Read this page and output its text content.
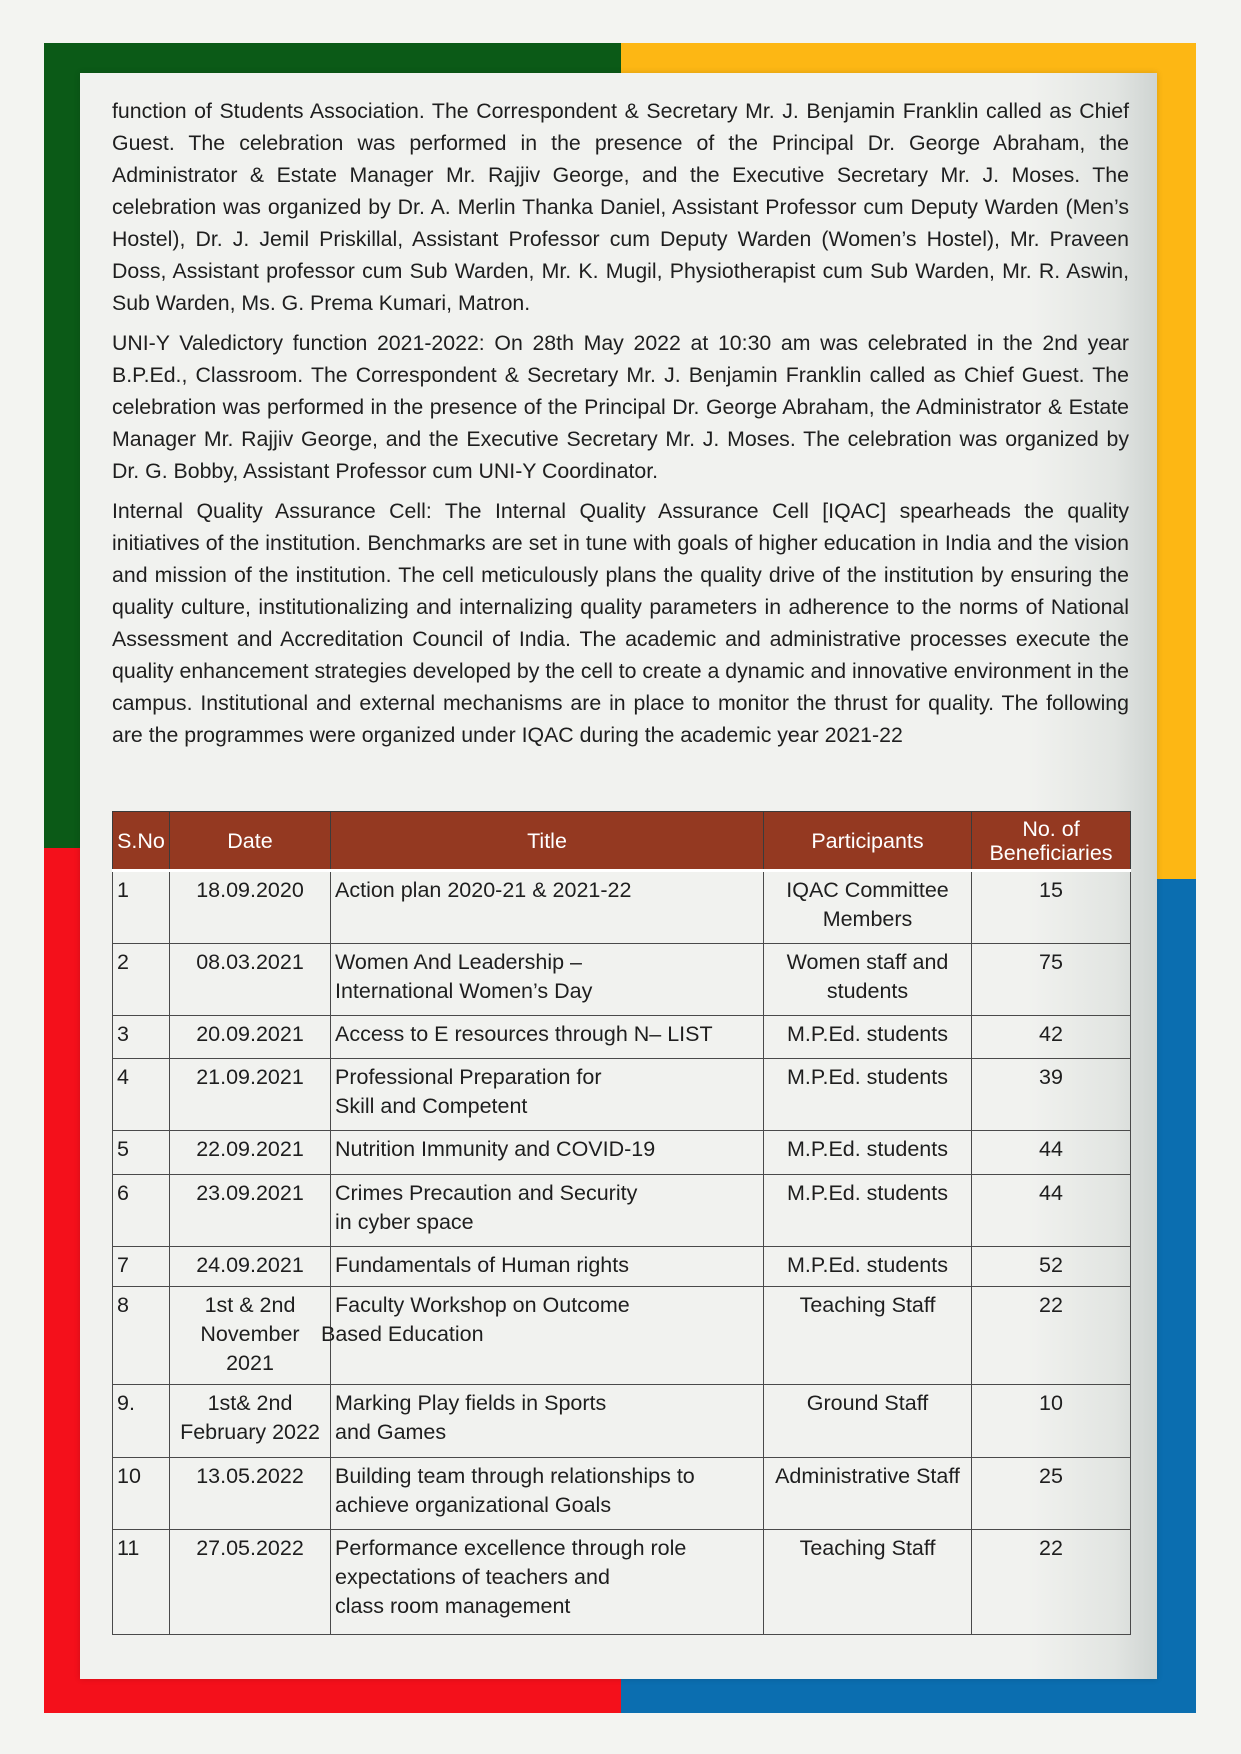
function of Students Association. The Correspondent & Secretary Mr. J. Benjamin Franklin called as Chief Guest. The celebration was performed in the presence of the Principal Dr. George Abraham, the Administrator & Estate Manager Mr. Rajjiv George, and the Executive Secretary Mr. J. Moses. The celebration was organized by Dr. A. Merlin Thanka Daniel, Assistant Professor cum Deputy Warden (Men’s Hostel), Dr. J. Jemil Priskillal, Assistant Professor cum Deputy Warden (Women’s Hostel), Mr. Praveen Doss, Assistant professor cum Sub Warden, Mr. K. Mugil, Physiotherapist cum Sub Warden, Mr. R. Aswin, Sub Warden, Ms. G. Prema Kumari, Matron.

UNI-Y Valedictory function 2021-2022: On 28th May 2022 at 10:30 am was celebrated in the 2nd year B.P.Ed., Classroom. The Correspondent & Secretary Mr. J. Benjamin Franklin called as Chief Guest. The celebration was performed in the presence of the Principal Dr. George Abraham, the Administrator & Estate Manager Mr. Rajjiv George, and the Executive Secretary Mr. J. Moses. The celebration was organized by Dr. G. Bobby, Assistant Professor cum UNI-Y Coordinator.

Internal Quality Assurance Cell: The Internal Quality Assurance Cell [IQAC] spearheads the quality initiatives of the institution. Benchmarks are set in tune with goals of higher education in India and the vision and mission of the institution. The cell meticulously plans the quality drive of the institution by ensuring the quality culture, institutionalizing and internalizing quality parameters in adherence to the norms of National Assessment and Accreditation Council of India. The academic and administrative processes execute the quality enhancement strategies developed by the cell to create a dynamic and innovative environment in the campus. Institutional and external mechanisms are in place to monitor the thrust for quality. The following are the programmes were organized under IQAC during the academic year 2021-22

S.No	Date	Title	Participants	No. of
Beneficiaries
1	18.09.2020	Action plan 2020-21 & 2021-22	IQAC Committee
Members	15
2	08.03.2021	Women And Leadership –
International Women’s Day	Women staff and
students	75
3	20.09.2021	Access to E resources through N– LIST	M.P.Ed. students	42
4	21.09.2021	Professional Preparation for
Skill and Competent	M.P.Ed. students	39
5	22.09.2021	Nutrition Immunity and COVID-19	M.P.Ed. students	44
6	23.09.2021	Crimes Precaution and Security
in cyber space	M.P.Ed. students	44
7	24.09.2021	Fundamentals of Human rights	M.P.Ed. students	52
8	1st & 2nd
November 2021	Faculty Workshop on Outcome
Based Education	Teaching Staff	22
9.	1st& 2nd
February 2022	Marking Play fields in Sports
and Games	Ground Staff	10
10	13.05.2022	Building team through relationships to
achieve organizational Goals	Administrative Staff	25
11	27.05.2022	Performance excellence through role
expectations of teachers and
class room management	Teaching Staff	22
